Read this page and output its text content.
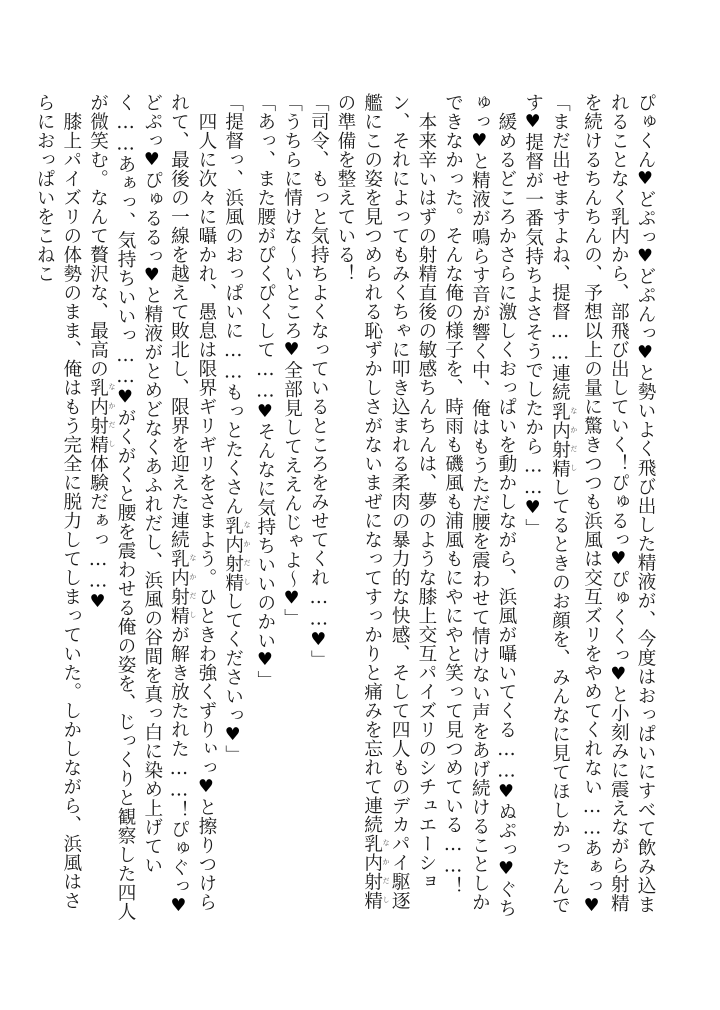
ぴゅくん♥どぷっ♥どぷんっ♥と勢いよく飛び出した精液が、今度はおっぱいにすべて飲み込まれることなく乳内から、部飛び出していく！ぴゅるっ♥ぴゅくくっ♥と小刻みに震えながら射精を続けるちんちんの、予想以上の量に驚きつつも浜風は交互ズリをやめてくれない……あぁっ♥

「まだ出せますよね、提督……連続乳内射精 なかだししてるときのお顔を、みんなに見てほしかったんです♥提督が一番気持ちよさそうでしたから……♥」

緩めるどころかさらに激しくおっぱいを動かしながら、浜風が囁いてくる……♥ぬぷっ♥ぐちゅっ♥と精液が鳴らす音が響く中、俺はもうただ腰を震わせて情けない声をあげ続けることしかできなかった。そんな俺の様子を、時雨も磯風も浦風もにやにやと笑って見つめている……！

本来辛いはずの射精直後の敏感ちんちんは、夢のような膝上交互パイズリのシチュエーション、それによってもみくちゃに叩き込まれる柔肉の暴力的な快感、そして四人ものデカパイ駆逐艦にこの姿を見つめられる恥ずかしさがないまぜになってすっかりと痛みを忘れて連続乳内射精 なかだしの準備を整えている！

「司令、もっと気持ちよくなっているところをみせてくれ……♥」

「うちらに情けな～いところ♥全部見してええんじゃよ～♥」

「あっ、また腰がぴくぴくして……♥そんなに気持ちいいのかい♥」

「提督っ、浜風のおっぱいに……もっとたくさん乳内射精 なかだししてくださいっ♥」

四人に次々に囁かれ、愚息は限界ギリギリをさまよう。ひときわ強くずりぃっ♥と擦りつけられて、最後の一線を越えて敗北し、限界を迎えた連続乳内射精 なかだしが解き放たれた……！ぴゅぐっ♥どぷっ♥ぴゅるるっ♥と精液がとめどなくあふれだし、浜風の谷間を真っ白に染め上げていく……あぁっ、気持ちいいっ……♥がくがくと腰を震わせる俺の姿を、じっくりと観察した四人が微笑む。なんて贅沢な、最高の乳内射精 なかだし体験だぁっ……♥

膝上パイズリの体勢のまま、俺はもう完全に脱力してしまっていた。しかしながら、浜風はさらにおっぱいをこねこ
